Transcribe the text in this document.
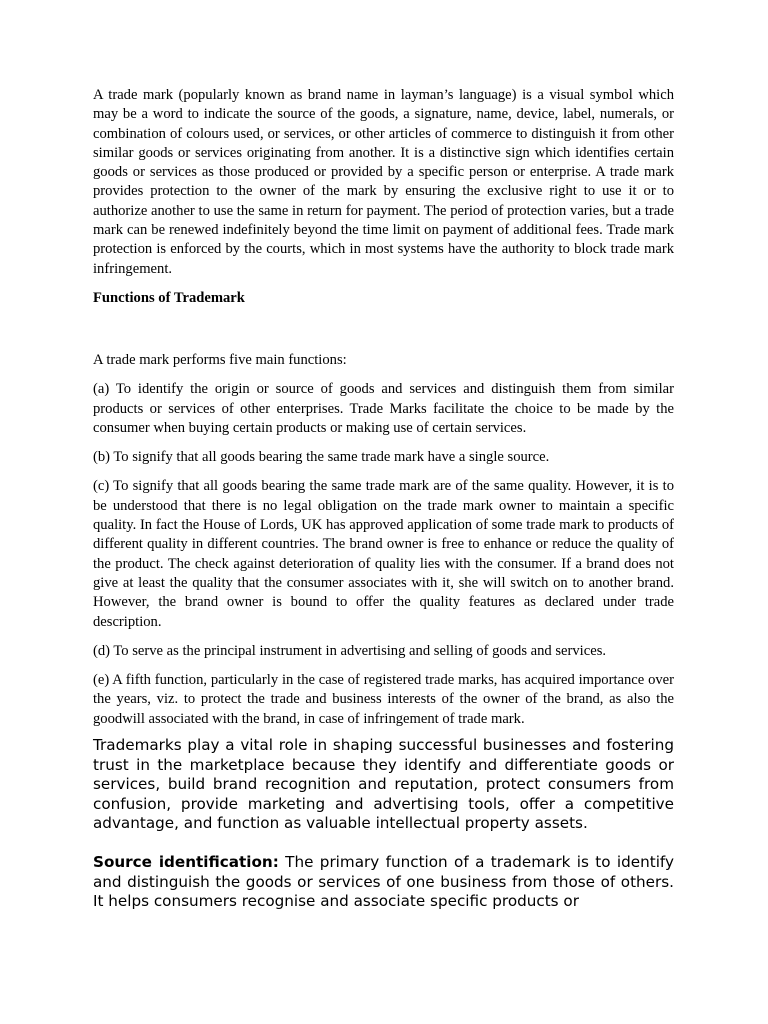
A trade mark (popularly known as brand name in layman’s language) is a visual symbol which may be a word to indicate the source of the goods, a signature, name, device, label, numerals, or combination of colours used, or services, or other articles of commerce to distinguish it from other similar goods or services originating from another. It is a distinctive sign which identifies certain goods or services as those produced or provided by a specific person or enterprise. A trade mark provides protection to the owner of the mark by ensuring the exclusive right to use it or to authorize another to use the same in return for payment. The period of protection varies, but a trade mark can be renewed indefinitely beyond the time limit on payment of additional fees. Trade mark protection is enforced by the courts, which in most systems have the authority to block trade mark infringement.

Functions of Trademark

A trade mark performs five main functions:

(a) To identify the origin or source of goods and services and distinguish them from similar products or services of other enterprises. Trade Marks facilitate the choice to be made by the consumer when buying certain products or making use of certain services.

(b) To signify that all goods bearing the same trade mark have a single source.

(c) To signify that all goods bearing the same trade mark are of the same quality. However, it is to be understood that there is no legal obligation on the trade mark owner to maintain a specific quality. In fact the House of Lords, UK has approved application of some trade mark to products of different quality in different countries. The brand owner is free to enhance or reduce the quality of the product. The check against deterioration of quality lies with the consumer. If a brand does not give at least the quality that the consumer associates with it, she will switch on to another brand. However, the brand owner is bound to offer the quality features as declared under trade description.

(d) To serve as the principal instrument in advertising and selling of goods and services.

(e) A fifth function, particularly in the case of registered trade marks, has acquired importance over the years, viz. to protect the trade and business interests of the owner of the brand, as also the goodwill associated with the brand, in case of infringement of trade mark.

Trademarks play a vital role in shaping successful businesses and fostering trust in the marketplace because they identify and differentiate goods or services, build brand recognition and reputation, protect consumers from confusion, provide marketing and advertising tools, offer a competitive advantage, and function as valuable intellectual property assets.

Source identification: The primary function of a trademark is to identify and distinguish the goods or services of one business from those of others. It helps consumers recognise and associate specific products or
